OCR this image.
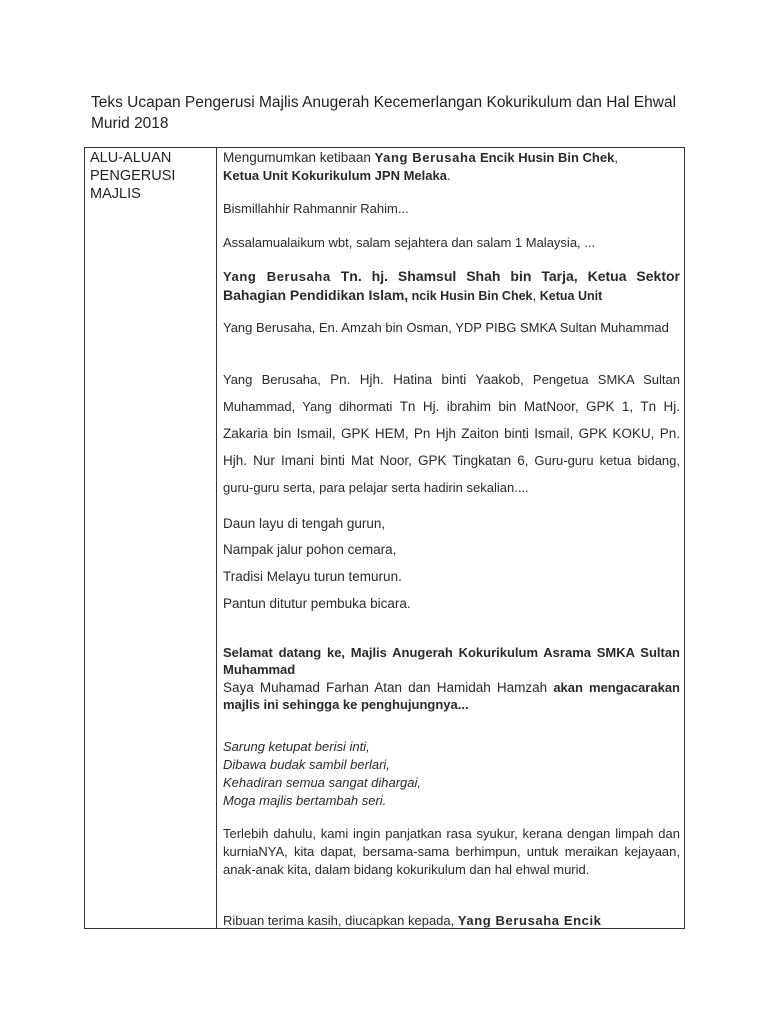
Teks Ucapan Pengerusi Majlis Anugerah Kecemerlangan Kokurikulum dan Hal Ehwal Murid 2018
ALU-ALUAN
PENGERUSI
MAJLIS

Mengumumkan ketibaan Yang Berusaha Encik Husin Bin Chek,
Ketua Unit Kokurikulum JPN Melaka.

Bismillahhir Rahmannir Rahim...

Assalamualaikum wbt, salam sejahtera dan salam 1 Malaysia, ...

Yang Berusaha Tn. hj. Shamsul Shah bin Tarja, Ketua Sektor Bahagian Pendidikan Islam, ncik Husin Bin Chek, Ketua Unit

Yang Berusaha, En. Amzah bin Osman, YDP PIBG SMKA Sultan Muhammad

Yang Berusaha, Pn. Hjh. Hatina binti Yaakob, Pengetua SMKA Sultan Muhammad, Yang dihormati Tn Hj. ibrahim bin MatNoor, GPK 1, Tn Hj. Zakaria bin Ismail, GPK HEM, Pn Hjh Zaiton binti Ismail, GPK KOKU, Pn. Hjh. Nur Imani binti Mat Noor, GPK Tingkatan 6, Guru-guru ketua bidang, guru-guru serta, para pelajar serta hadirin sekalian....

Daun layu di tengah gurun,
Nampak jalur pohon cemara,
Tradisi Melayu turun temurun.
Pantun ditutur pembuka bicara.

Selamat datang ke, Majlis Anugerah Kokurikulum Asrama SMKA Sultan Muhammad

Saya Muhamad Farhan Atan dan Hamidah Hamzah akan mengacarakan majlis ini sehingga ke penghujungnya...

Sarung ketupat berisi inti,
Dibawa budak sambil berlari,
Kehadiran semua sangat dihargai,
Moga majlis bertambah seri.

Terlebih dahulu, kami ingin panjatkan rasa syukur, kerana dengan limpah dan kurniaNYA, kita dapat, bersama-sama berhimpun, untuk meraikan kejayaan, anak-anak kita, dalam bidang kokurikulum dan hal ehwal murid.

Ribuan terima kasih, diucapkan kepada, Yang Berusaha Encik
